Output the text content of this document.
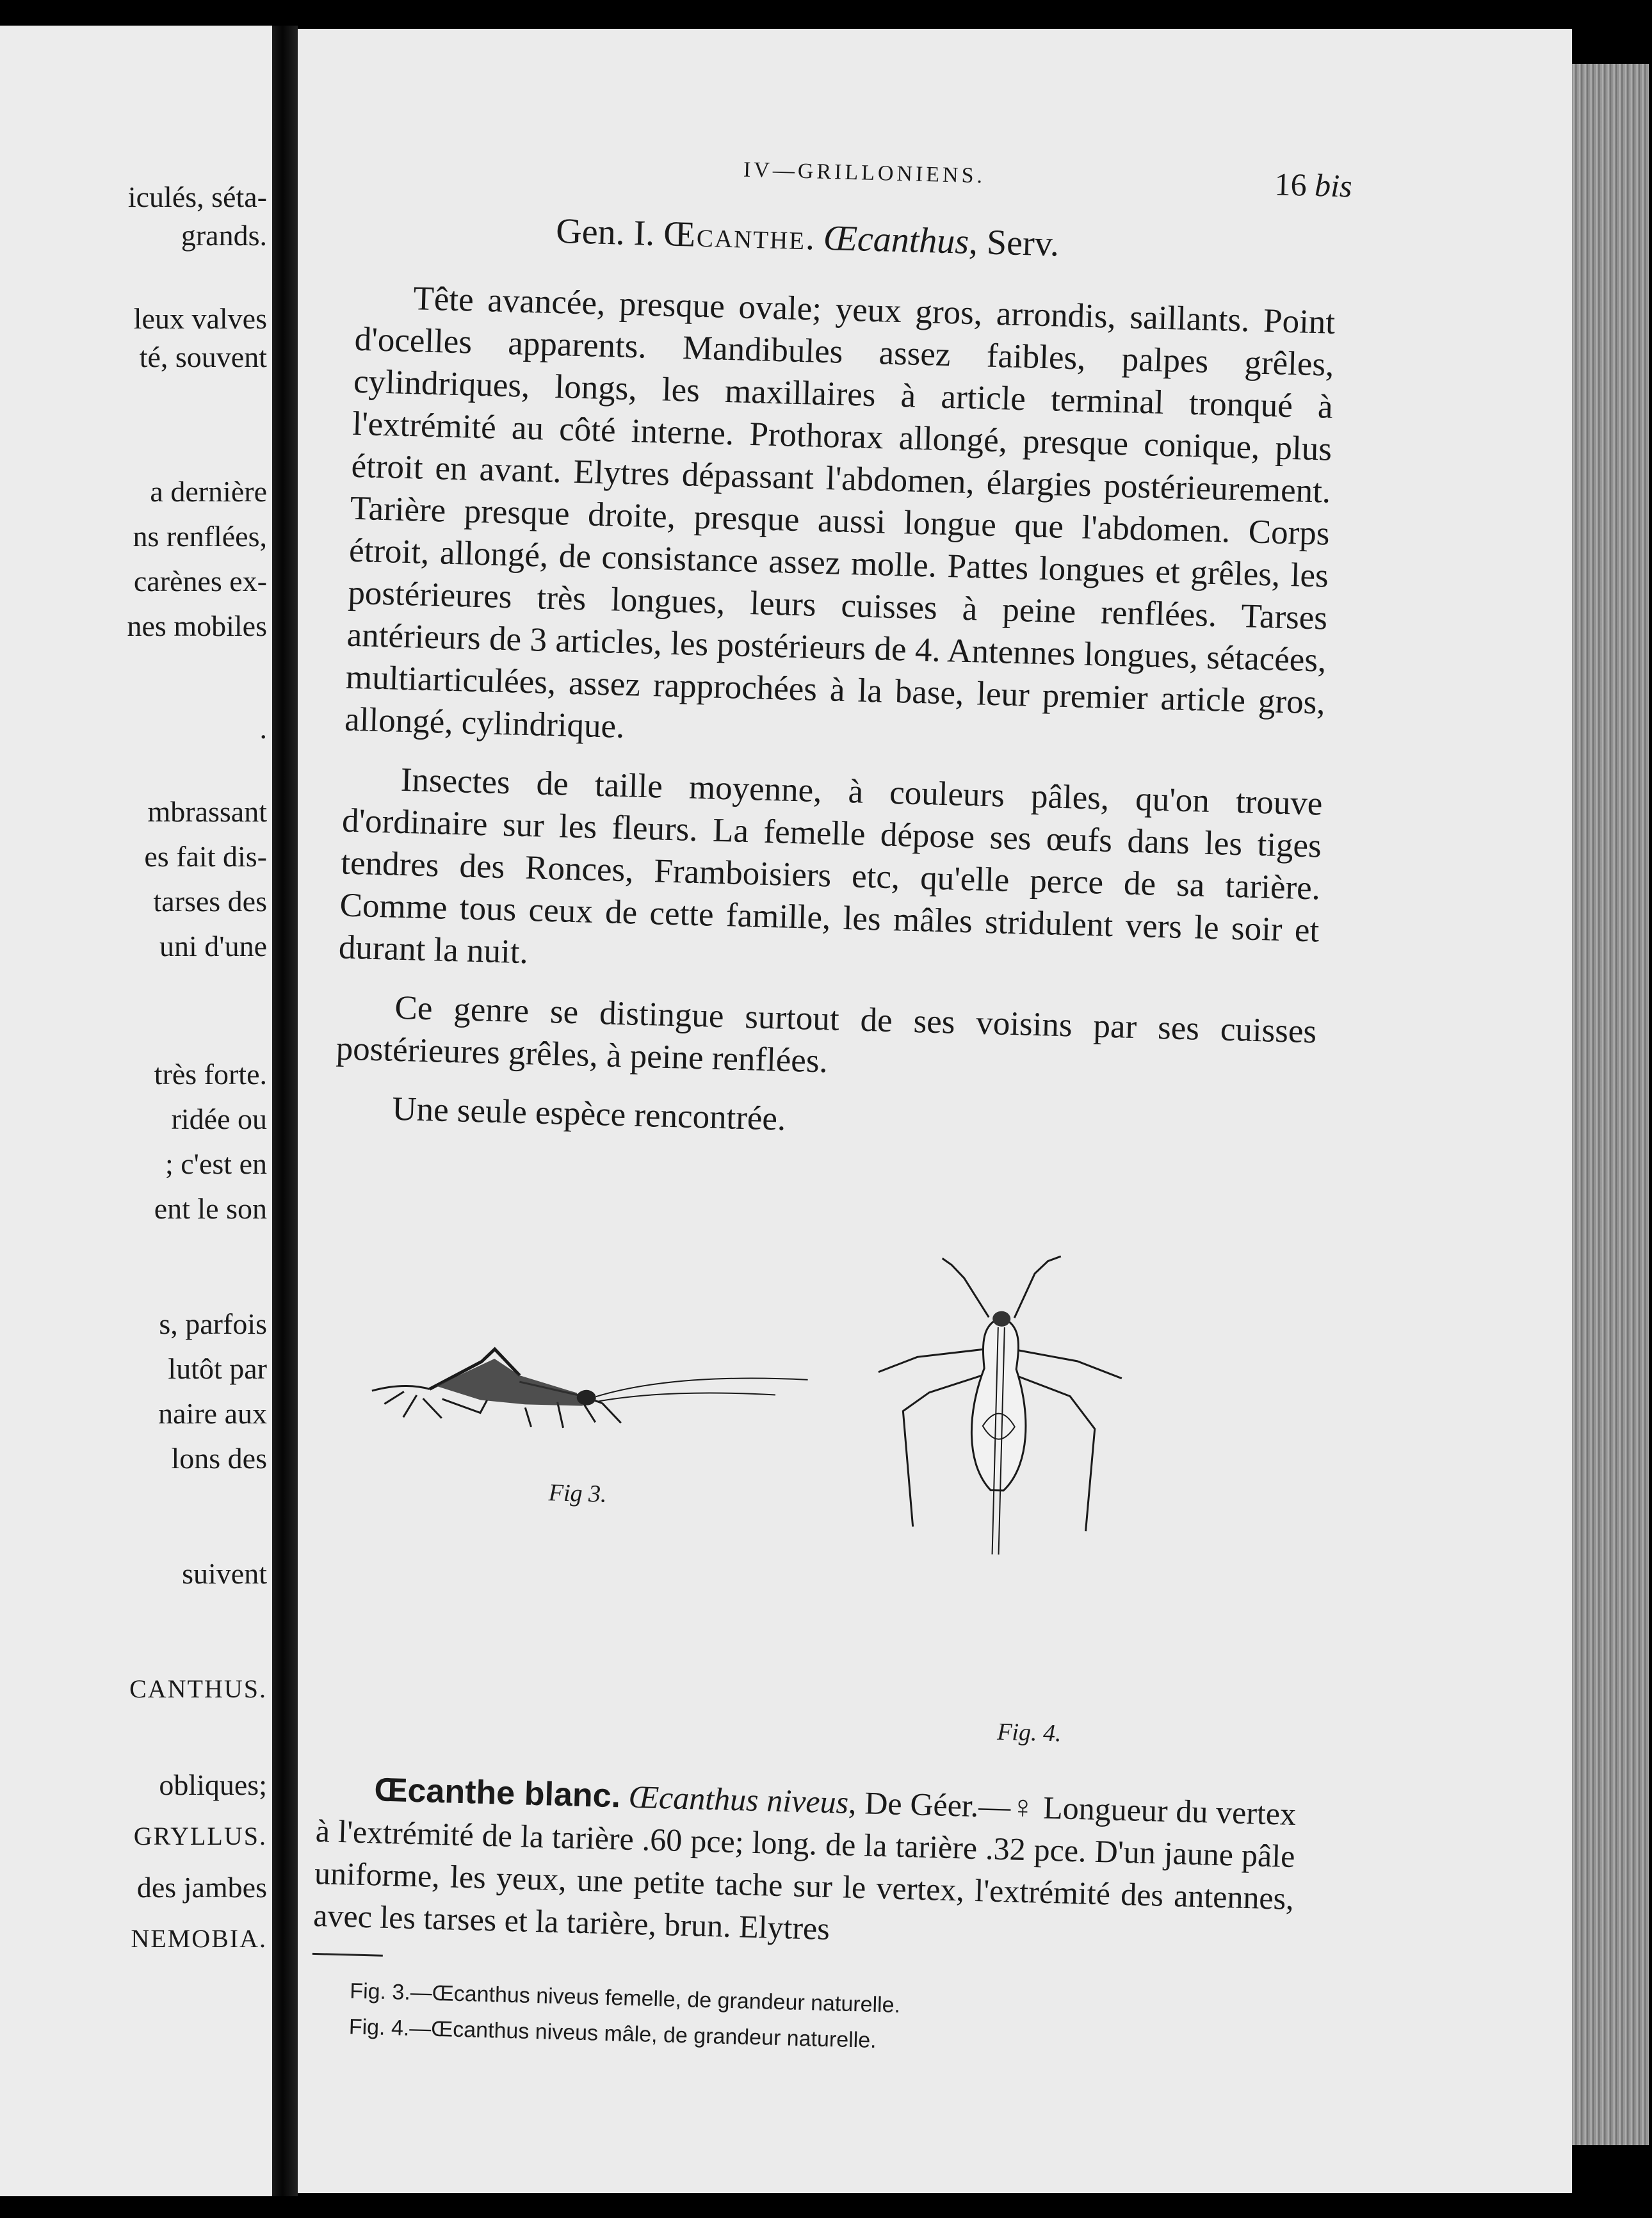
iculés, séta-
grands.
leux valves
té, souvent
a dernière
ns renflées,
carènes ex-
nes mobiles
.
mbrassant
es fait dis-
tarses des
uni d'une
très forte.
ridée ou
; c'est en
ent le son
s, parfois
lutôt par
naire aux
lons des
suivent
CANTHUS.
obliques;
GRYLLUS.
des jambes
NEMOBIA.
IV—GRILLONIENS.	16 bis
Gen. I. Œcanthe. Œcanthus, Serv.

Tête avancée, presque ovale; yeux gros, arrondis, saillants. Point d'ocelles apparents. Mandibules assez faibles, palpes grêles, cylindriques, longs, les maxillaires à article terminal tronqué à l'extrémité au côté interne. Prothorax allongé, presque conique, plus étroit en avant. Elytres dépassant l'abdomen, élargies postérieurement. Tarière presque droite, presque aussi longue que l'abdomen. Corps étroit, allongé, de consistance assez molle. Pattes longues et grêles, les postérieures très longues, leurs cuisses à peine renflées. Tarses antérieurs de 3 articles, les postérieurs de 4. Antennes longues, sétacées, multiarticulées, assez rapprochées à la base, leur premier article gros, allongé, cylindrique.

Insectes de taille moyenne, à couleurs pâles, qu'on trouve d'ordinaire sur les fleurs. La femelle dépose ses œufs dans les tiges tendres des Ronces, Framboisiers etc, qu'elle perce de sa tarière. Comme tous ceux de cette famille, les mâles stridulent vers le soir et durant la nuit.

Ce genre se distingue surtout de ses voisins par ses cuisses postérieures grêles, à peine renflées.

Une seule espèce rencontrée.

Fig 3.
Fig. 4.

Œcanthe blanc. Œcanthus niveus, De Géer.—♀ Longueur du vertex à l'extrémité de la tarière .60 pce; long. de la tarière .32 pce. D'un jaune pâle uniforme, les yeux, une petite tache sur le vertex, l'extrémité des antennes, avec les tarses et la tarière, brun. Elytres

Fig. 3.—Œcanthus niveus femelle, de grandeur naturelle.
Fig. 4.—Œcanthus niveus mâle, de grandeur naturelle.
